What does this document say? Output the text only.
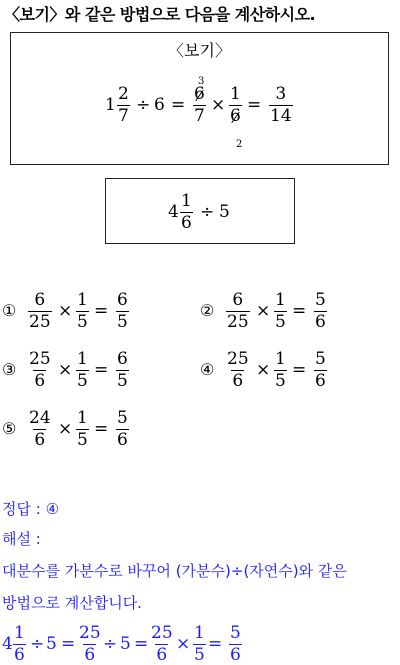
〈보기〉와 같은 방법으로 다음을 계산하시오.
〈보기〉
$1 \frac{2}{7} \div 6$ =
3
$\frac{6}{7} \times \frac{1}{6}$
2
= $\frac{3}{14}$
$4 \frac{1}{6} \div 5$
① $\frac{6}{25} \times \frac{1}{5} = \frac{6}{5}$	② $\frac{6}{25} \times \frac{1}{5} = \frac{5}{6}$
③ $\frac{25}{6} \times \frac{1}{5} = \frac{6}{5}$	④ $\frac{25}{6} \times \frac{1}{5} = \frac{5}{6}$
⑤ $\frac{24}{6} \times \frac{1}{5} = \frac{5}{6}$
정답 : ④
해설 :
대분수를 가분수로 바꾸어 (가분수)÷(자연수)와 같은
방법으로 계산합니다.
$4 \frac{1}{6} \div 5 = \frac{25}{6} \div 5 = \frac{25}{6} \times \frac{1}{5} = \frac{5}{6}$
